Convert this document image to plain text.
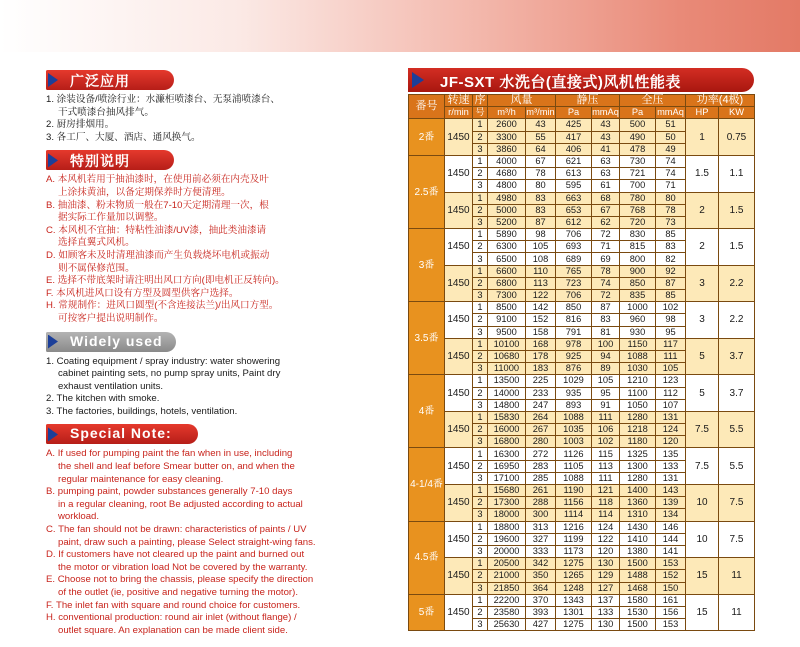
广泛应用
1. 涂装设备/喷涂行业：水濂柜喷漆台、无泵浦喷漆台、
干式喷漆台抽风排气。
2. 厨房排烟用。
3. 各工厂、大厦、酒店、通风换气。
特别说明
A. 本风机若用于抽油漆时，在使用前必须在内壳及叶
上涂抹黄油，以备定期保养时方便清理。
B. 抽油漆、粉末物质一般在7-10天定期清理一次，根
据实际工作量加以调整。
C. 本风机不宜抽：特粘性油漆/UV漆，抽此类油漆请
选择直翼式风机。
D. 如顾客未及时清理油漆而产生负载烧坏电机或振动
则不属保修范围。
E. 选择不带底架时请注明出风口方向(即电机正反转向)。
F. 本风机进风口设有方型及圆型供客户选择。
H. 常规制作：进风口圆型(不含连接法兰)/出风口方型。
可按客户提出说明制作。
Widely used
1. Coating equipment / spray industry: water showering
cabinet painting sets, no pump spray units, Paint dry
exhaust ventilation units.
2. The kitchen with smoke.
3. The factories, buildings, hotels, ventilation.
Special Note:
A. If used for pumping paint the fan when in use, including
the shell and leaf before Smear butter on, and when the
regular maintenance for easy cleaning.
B. pumping paint, powder substances generally 7-10 days
in a regular cleaning, root Be adjusted according to actual
workload.
C. The fan should not be drawn: characteristics of paints / UV
paint, draw such a painting, please Select straight-wing fans.
D. If customers have not cleared up the paint and burned out
the motor or vibration load Not be covered by the warranty.
E. Choose not to bring the chassis, please specify the direction
of the outlet (ie, positive and negative turning the motor).
F. The inlet fan with square and round choice for customers.
H. conventional production: round air inlet (without flange) /
outlet square. An explanation can be made client side.
JF-SXT 水洗台(直接式)风机性能表
番号	转速	序	风量		静压		全压		功率(4极)	
	r/min	号	m³/h	m³/min	Pa	mmAq	Pa	mmAq	HP	KW
2番	1450	1	2600	43	425	43	500	51	1	0.75
		2	3300	55	417	43	490	50		
		3	3860	64	406	41	478	49		
2.5番	1450	1	4000	67	621	63	730	74	1.5	1.1
		2	4680	78	613	63	721	74		
		3	4800	80	595	61	700	71		
	1450	1	4980	83	663	68	780	80	2	1.5
		2	5000	83	653	67	768	78		
		3	5200	87	612	62	720	73		
3番	1450	1	5890	98	706	72	830	85	2	1.5
		2	6300	105	693	71	815	83		
		3	6500	108	689	69	800	82		
	1450	1	6600	110	765	78	900	92	3	2.2
		2	6800	113	723	74	850	87		
		3	7300	122	706	72	835	85		
3.5番	1450	1	8500	142	850	87	1000	102	3	2.2
		2	9100	152	816	83	960	98		
		3	9500	158	791	81	930	95		
	1450	1	10100	168	978	100	1150	117	5	3.7
		2	10680	178	925	94	1088	111		
		3	11000	183	876	89	1030	105		
4番	1450	1	13500	225	1029	105	1210	123	5	3.7
		2	14000	233	935	95	1100	112		
		3	14800	247	893	91	1050	107		
	1450	1	15830	264	1088	111	1280	131	7.5	5.5
		2	16000	267	1035	106	1218	124		
		3	16800	280	1003	102	1180	120		
4-1/4番	1450	1	16300	272	1126	115	1325	135	7.5	5.5
		2	16950	283	1105	113	1300	133		
		3	17100	285	1088	111	1280	131		
	1450	1	15680	261	1190	121	1400	143	10	7.5
		2	17300	288	1156	118	1360	139		
		3	18000	300	1114	114	1310	134		
4.5番	1450	1	18800	313	1216	124	1430	146	10	7.5
		2	19600	327	1199	122	1410	144		
		3	20000	333	1173	120	1380	141		
	1450	1	20500	342	1275	130	1500	153	15	11
		2	21000	350	1265	129	1488	152		
		3	21850	364	1248	127	1468	150		
5番	1450	1	22200	370	1343	137	1580	161	15	11
		2	23580	393	1301	133	1530	156		
		3	25630	427	1275	130	1500	153		
